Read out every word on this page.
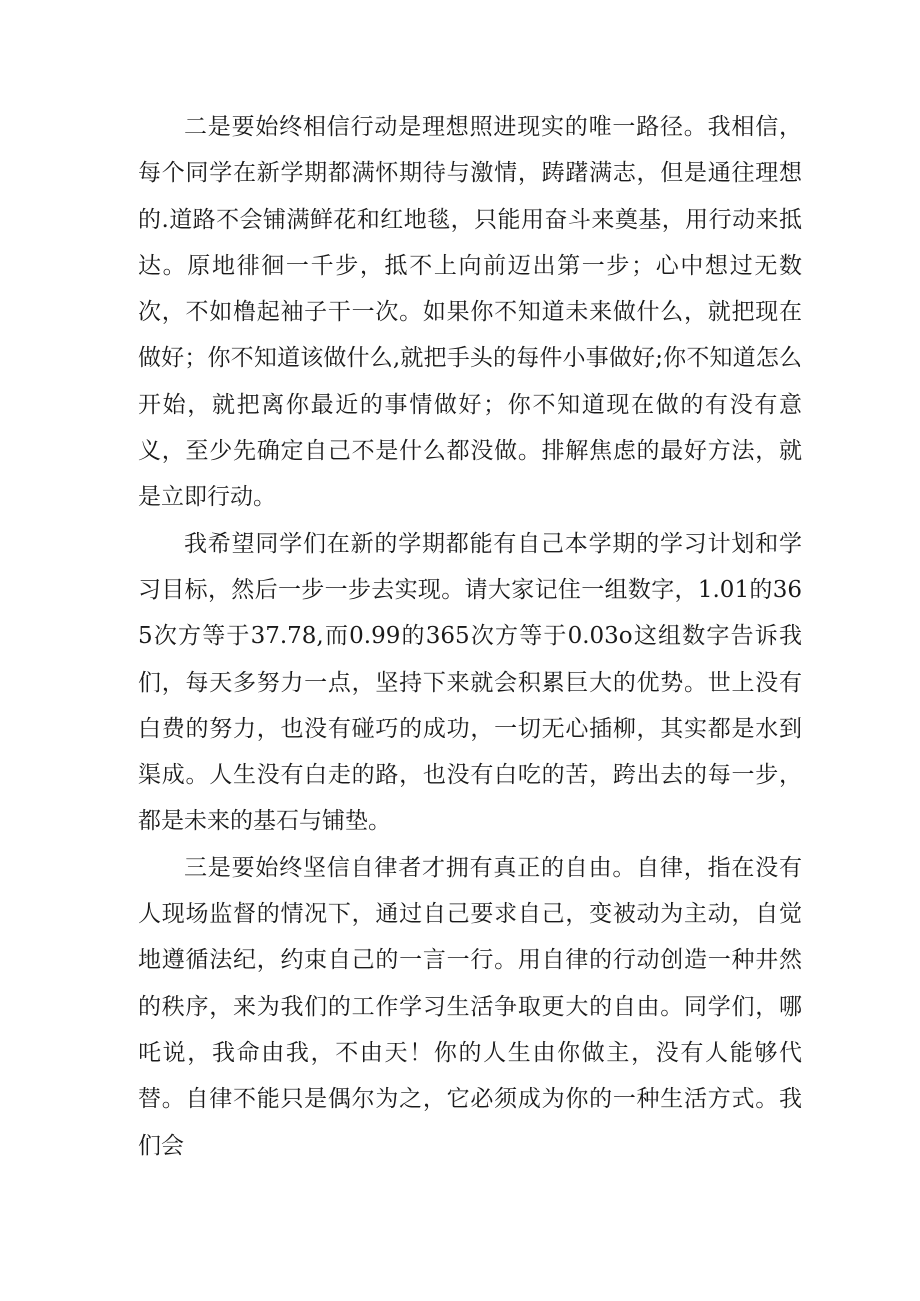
二是要始终相信行动是理想照进现实的唯一路径。我相信，每个同学在新学期都满怀期待与激情，踌躇满志，但是通往理想的.道路不会铺满鲜花和红地毯，只能用奋斗来奠基，用行动来抵达。原地徘徊一千步，抵不上向前迈出第一步；心中想过无数次，不如橹起袖子干一次。如果你不知道未来做什么，就把现在做好；你不知道该做什么,就把手头的每件小事做好;你不知道怎么开始，就把离你最近的事情做好；你不知道现在做的有没有意义，至少先确定自己不是什么都没做。排解焦虑的最好方法，就是立即行动。

我希望同学们在新的学期都能有自己本学期的学习计划和学习目标，然后一步一步去实现。请大家记住一组数字，1.01的365次方等于37.78,而0.99的365次方等于0.03o这组数字告诉我们，每天多努力一点，坚持下来就会积累巨大的优势。世上没有白费的努力，也没有碰巧的成功，一切无心插柳，其实都是水到渠成。人生没有白走的路，也没有白吃的苦，跨出去的每一步，都是未来的基石与铺垫。

三是要始终坚信自律者才拥有真正的自由。自律，指在没有人现场监督的情况下，通过自己要求自己，变被动为主动，自觉地遵循法纪，约束自己的一言一行。用自律的行动创造一种井然的秩序，来为我们的工作学习生活争取更大的自由。同学们，哪吒说，我命由我，不由天！你的人生由你做主，没有人能够代替。自律不能只是偶尔为之，它必须成为你的一种生活方式。我们会
